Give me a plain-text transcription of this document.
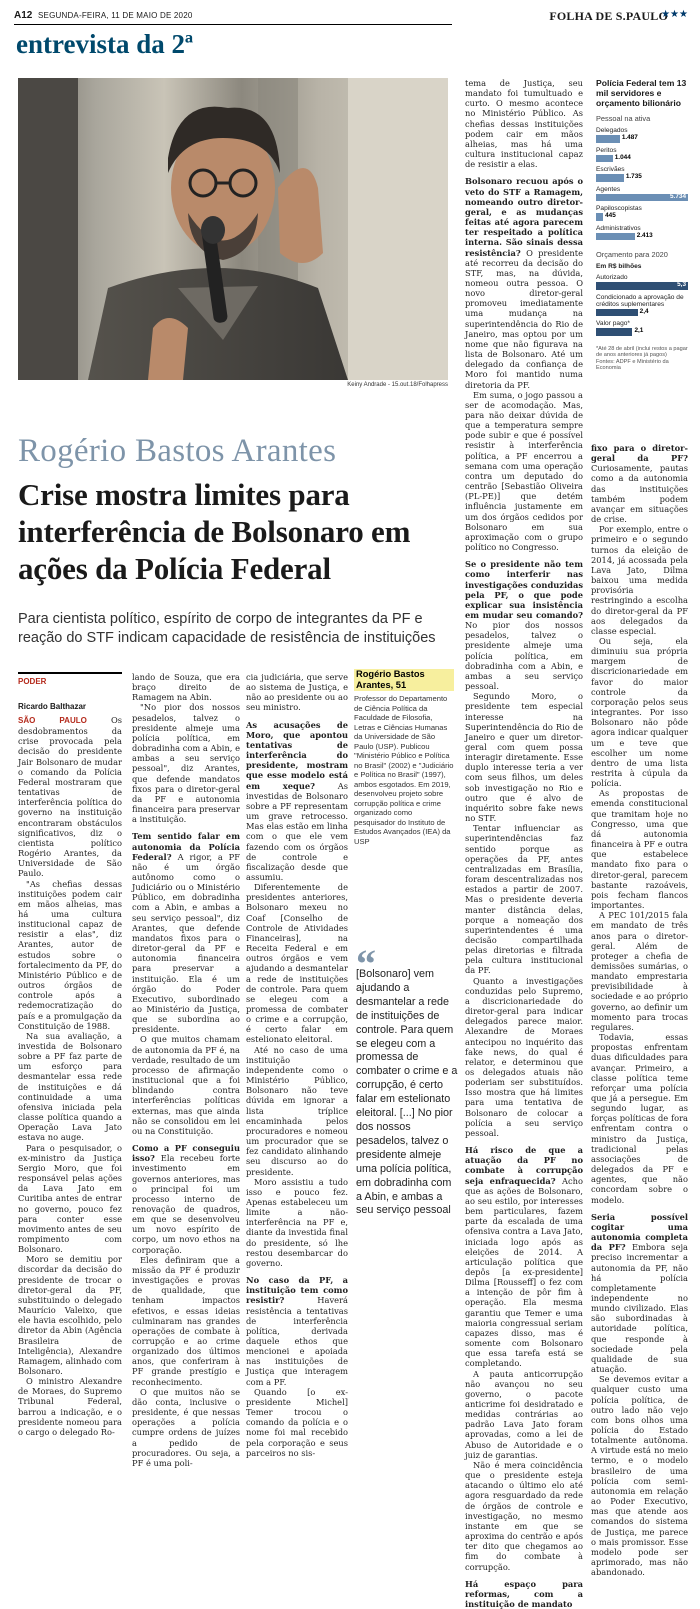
A12 SEGUNDA-FEIRA, 11 DE MAIO DE 2020	FOLHA DE S.PAULO
★★★
entrevista da 2ª
Keiny Andrade - 15.out.18/Folhapress
Rogério Bastos Arantes
Crise mostra limites para interferência de Bolsonaro em ações da Polícia Federal
Para cientista político, espírito de corpo de integrantes da PF e reação do STF indicam capacidade de resistência de instituições
PODER
Ricardo Balthazar

SÃO PAULO Os desdobramentos da crise provocada pela decisão do presidente Jair Bolsonaro de mudar o comando da Polícia Federal mostraram que tentativas de interferência política do governo na instituição encontraram obstáculos significativos, diz o cientista político Rogério Arantes, da Universidade de São Paulo.

"As chefias dessas instituições podem cair em mãos alheias, mas há uma cultura institucional capaz de resistir a elas", diz Arantes, autor de estudos sobre o fortalecimento da PF, do Ministério Público e de outros órgãos de controle após a redemocratização do país e a promulgação da Constituição de 1988.

Na sua avaliação, a investida de Bolsonaro sobre a PF faz parte de um esforço para desmantelar essa rede de instituições e dá continuidade a uma ofensiva iniciada pela classe política quando a Operação Lava Jato estava no auge.

Para o pesquisador, o ex-ministro da Justiça Sergio Moro, que foi responsável pelas ações da Lava Jato em Curitiba antes de entrar no governo, pouco fez para conter esse movimento antes de seu rompimento com Bolsonaro.

Moro se demitiu por discordar da decisão do presidente de trocar o diretor-geral da PF, substituindo o delegado Maurício Valeixo, que ele havia escolhido, pelo diretor da Abin (Agência Brasileira de Inteligência), Alexandre Ramagem, alinhado com Bolsonaro.

O ministro Alexandre de Moraes, do Supremo Tribunal Federal, barrou a indicação, e o presidente nomeou para o cargo o delegado Ro-

lando de Souza, que era braço direito de Ramagem na Abin.

"No pior dos nossos pesadelos, talvez o presidente almeje uma polícia política, em dobradinha com a Abin, e ambas a seu serviço pessoal", diz Arantes, que defende mandatos fixos para o diretor-geral da PF e autonomia financeira para preservar a instituição.

Tem sentido falar em autonomia da Polícia Federal? A rigor, a PF não é um órgão autônomo como o Judiciário ou o Ministério Público, em dobradinha com a Abin, e ambas a seu serviço pessoal", diz Arantes, que defende mandatos fixos para o diretor-geral da PF e autonomia financeira para preservar a instituição. Ela é um órgão do Poder Executivo, subordinado ao Ministério da Justiça, que se subordina ao presidente.

O que muitos chamam de autonomia da PF é, na verdade, resultado de um processo de afirmação institucional que a foi blindando contra interferências políticas externas, mas que ainda não se consolidou em lei ou na Constituição.

Como a PF conseguiu isso? Ela recebeu forte investimento em governos anteriores, mas o principal foi um processo interno de renovação de quadros, em que se desenvolveu um novo espírito de corpo, um novo ethos na corporação.

Eles definiram que a missão da PF é produzir investigações e provas de qualidade, que tenham impactos efetivos, e essas ideias culminaram nas grandes operações de combate à corrupção e ao crime organizado dos últimos anos, que conferiram à PF grande prestígio e reconhecimento.

O que muitos não se dão conta, inclusive o presidente, é que nessas operações a polícia cumpre ordens de juízes a pedido de procuradores. Ou seja, a PF é uma poli-

cia judiciária, que serve ao sistema de Justiça, e não ao presidente ou ao seu ministro.

As acusações de Moro, que apontou tentativas de interferência do presidente, mostram que esse modelo está em xeque? As investidas de Bolsonaro sobre a PF representam um grave retrocesso. Mas elas estão em linha com o que ele vem fazendo com os órgãos de controle e fiscalização desde que assumiu.

Diferentemente de presidentes anteriores, Bolsonaro mexeu no Coaf [Conselho de Controle de Atividades Financeiras], na Receita Federal e em outros órgãos e vem ajudando a desmantelar a rede de instituições de controle. Para quem se elegeu com a promessa de combater o crime e a corrupção, é certo falar em estelionato eleitoral.

Até no caso de uma instituição independente como o Ministério Público, Bolsonaro não teve dúvida em ignorar a lista tríplice encaminhada pelos procuradores e nomeou um procurador que se fez candidato alinhando seu discurso ao do presidente.

Moro assistiu a tudo isso e pouco fez. Apenas estabeleceu um limite a não-interferência na PF e, diante da investida final do presidente, só lhe restou desembarcar do governo.

No caso da PF, a instituição tem como resistir? Haverá resistência a tentativas de interferência política, derivada daquele ethos que mencionei e apoiada nas instituições de Justiça que interagem com a PF.

Quando [o ex-presidente Michel] Temer trocou o comando da polícia e o nome foi mal recebido pela corporação e seus parceiros no sis-

tema de Justiça, seu mandato foi tumultuado e curto. O mesmo acontece no Ministério Público. As chefias dessas instituições podem cair em mãos alheias, mas há uma cultura institucional capaz de resistir a elas.

Bolsonaro recuou após o veto do STF a Ramagem, nomeando outro diretor-geral, e as mudanças feitas até agora parecem ter respeitado a política interna. São sinais dessa resistência? O presidente até recorreu da decisão do STF, mas, na dúvida, nomeou outra pessoa. O novo diretor-geral promoveu imediatamente uma mudança na superintendência do Rio de Janeiro, mas optou por um nome que não figurava na lista de Bolsonaro. Até um delegado da confiança de Moro foi mantido numa diretoria da PF.

Em suma, o jogo passou a ser de acomodação. Mas, para não deixar dúvida de que a temperatura sempre pode subir e que é possível resistir à interferência política, a PF encerrou a semana com uma operação contra um deputado do centrão [Sebastião Oliveira (PL-PE)] que detém influência justamente em um dos órgãos cedidos por Bolsonaro em sua aproximação com o grupo político no Congresso.

Se o presidente não tem como interferir nas investigações conduzidas pela PF, o que pode explicar sua insistência em mudar seu comando? No pior dos nossos pesadelos, talvez o presidente almeje uma polícia política, em dobradinha com a Abin, e ambas a seu serviço pessoal.

Segundo Moro, o presidente tem especial interesse na Superintendência do Rio de Janeiro e quer um diretor-geral com quem possa interagir diretamente. Esse duplo interesse teria a ver com seus filhos, um deles sob investigação no Rio e outro que é alvo de inquérito sobre fake news no STF.

Tentar influenciar as superintendências faz sentido porque as operações da PF, antes centralizadas em Brasília, foram descentralizadas nos estados a partir de 2007. Mas o presidente deveria manter distância delas, porque a nomeação dos superintendentes é uma decisão compartilhada pelas diretorias e filtrada pela cultura institucional da PF.

Quanto a investigações conduzidas pelo Supremo, a discricionariedade do diretor-geral para indicar delegados parece maior. Alexandre de Moraes antecipou no inquérito das fake news, do qual é relator, e determinou que os delegados atuais não poderiam ser substituídos. Isso mostra que há limites para uma tentativa de Bolsonaro de colocar a polícia a seu serviço pessoal.

Há risco de que a atuação da PF no combate à corrupção seja enfraquecida? Acho que as ações de Bolsonaro, ao seu estilo, por interesses bem particulares, fazem parte da escalada de uma ofensiva contra a Lava Jato, iniciada logo após as eleições de 2014. A articulação política que depôs [a ex-presidente] Dilma [Rousseff] o fez com a intenção de pôr fim à operação. Ela mesma garantiu que Temer e uma maioria congressual seriam capazes disso, mas é somente com Bolsonaro que essa tarefa está se completando.

A pauta anticorrupção não avançou no seu governo, o pacote anticrime foi desidratado e medidas contrárias ao padrão Lava Jato foram aprovadas, como a lei de Abuso de Autoridade e o juiz de garantias.

Não é mera coincidência que o presidente esteja atacando o último elo até agora resguardado da rede de órgãos de controle e investigação, no mesmo instante em que se aproxima do centrão e após ter dito que chegamos ao fim do combate à corrupção.

Há espaço para reformas, com a instituição de mandato

fixo para o diretor-geral da PF? Curiosamente, pautas como a da autonomia das instituições também podem avançar em situações de crise.

Por exemplo, entre o primeiro e o segundo turnos da eleição de 2014, já acossada pela Lava Jato, Dilma baixou uma medida provisória restringindo a escolha do diretor-geral da PF aos delegados da classe especial.

Ou seja, ela diminuiu sua própria margem de discricionariedade em favor do maior controle da corporação pelos seus integrantes. Por isso Bolsonaro não pôde agora indicar qualquer um e teve que escolher um nome dentro de uma lista restrita à cúpula da polícia.

As propostas de emenda constitucional que tramitam hoje no Congresso, uma que dá autonomia financeira à PF e outra que estabelece mandato fixo para o diretor-geral, parecem bastante razoáveis, pois fecham flancos importantes.

A PEC 101/2015 fala em mandato de três anos para o diretor-geral. Além de proteger a chefia de demissões sumárias, o mandato emprestaria previsibilidade à sociedade e ao próprio governo, ao definir um momento para trocas regulares.

Todavia, essas propostas enfrentam duas dificuldades para avançar. Primeiro, a classe política teme reforçar uma polícia que já a persegue. Em segundo lugar, as forças políticas de fora enfrentam contra o ministro da Justiça, tradicional pelas associações de delegados da PF e agentes, que não concordam sobre o modelo.

Seria possível cogitar uma autonomia completa da PF? Embora seja preciso incrementar a autonomia da PF, não há polícia completamente independente no mundo civilizado. Elas são subordinadas à autoridade política, que responde à sociedade pela qualidade de sua atuação.

Se devemos evitar a qualquer custo uma polícia política, de outro lado não vejo com bons olhos uma polícia do Estado totalmente autônoma. A virtude está no meio termo, e o modelo brasileiro de uma polícia com semi-autonomia em relação ao Poder Executivo, mas que atende aos comandos do sistema de Justiça, me parece o mais promissor. Esse modelo pode ser aprimorado, mas não abandonado.

Rogério Bastos Arantes, 51
Professor do Departamento de Ciência Política da Faculdade de Filosofia, Letras e Ciências Humanas da Universidade de São Paulo (USP). Publicou "Ministério Público e Política no Brasil" (2002) e "Judiciário e Política no Brasil" (1997), ambos esgotados. Em 2019, desenvolveu projeto sobre corrupção política e crime organizado como pesquisador do Instituto de Estudos Avançados (IEA) da USP
“
[Bolsonaro] vem ajudando a desmantelar a rede de instituições de controle. Para quem se elegeu com a promessa de combater o crime e a corrupção, é certo falar em estelionato eleitoral. [...] No pior dos nossos pesadelos, talvez o presidente almeje uma polícia política, em dobradinha com a Abin, e ambas a seu serviço pessoal
Polícia Federal tem 13 mil servidores e orçamento bilionário
Pessoal na ativa
Delegados
1.487
Peritos
1.044
Escrivães
1.735
Agentes
5.734
Papiloscopistas
445
Administrativos
2.413
Orçamento para 2020
Em R$ bilhões
Autorizado
5,3
Condicionado a aprovação de créditos suplementares
2,4
Valor pago*
2,1
*Até 28 de abril (inclui restos a pagar de anos anteriores já pagos)
Fontes: ADPF e Ministério da Economia
